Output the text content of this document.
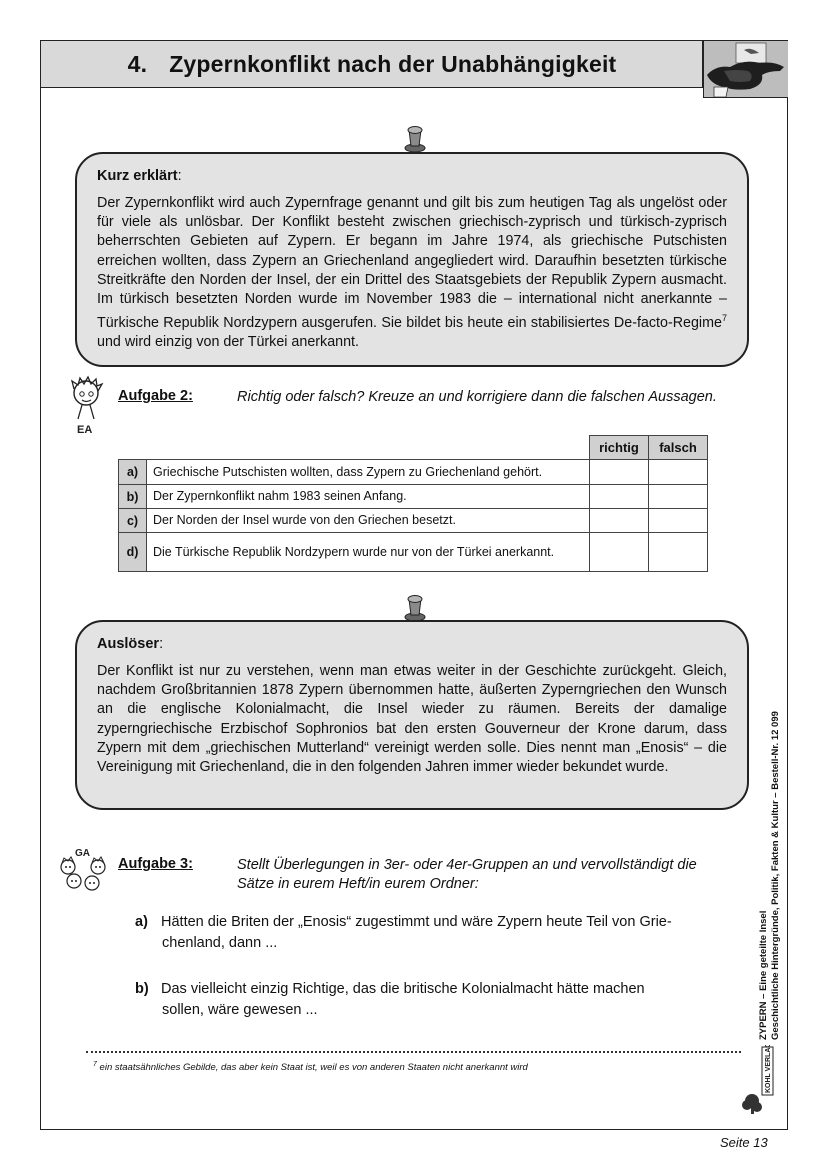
4. Zypernkonflikt nach der Unabhängigkeit
Kurz erklärt:

Der Zypernkonflikt wird auch Zypernfrage genannt und gilt bis zum heutigen Tag als ungelöst oder für viele als unlösbar. Der Konflikt besteht zwischen griechisch-zyprisch und türkisch-zyprisch beherrschten Gebieten auf Zypern. Er begann im Jahre 1974, als griechische Putschisten erreichen wollten, dass Zypern an Griechenland angegliedert wird. Daraufhin besetzten türkische Streitkräfte den Norden der Insel, der ein Drittel des Staatsgebiets der Republik Zypern ausmacht. Im türkisch besetzten Norden wurde im November 1983 die – international nicht anerkannte – Türkische Republik Nordzypern ausgerufen. Sie bildet bis heute ein stabilisiertes De-facto-Regime$^7$ und wird einzig von der Türkei anerkannt.

EA
Aufgabe 2:	Richtig oder falsch? Kreuze an und korrigiere dann die falschen Aussagen.
		richtig	falsch
a)	Griechische Putschisten wollten, dass Zypern zu Griechenland gehört.		
b)	Der Zypernkonflikt nahm 1983 seinen Anfang.		
c)	Der Norden der Insel wurde von den Griechen besetzt.		
d)	Die Türkische Republik Nordzypern wurde nur von der Türkei anerkannt.		
Auslöser:

Der Konflikt ist nur zu verstehen, wenn man etwas weiter in der Geschichte zurückgeht. Gleich, nachdem Großbritannien 1878 Zypern übernommen hatte, äußerten Zyperngriechen den Wunsch an die englische Kolonialmacht, die Insel wieder zu räumen. Bereits der damalige zyperngriechische Erzbischof Sophronios bat den ersten Gouverneur der Krone darum, dass Zypern mit dem „griechischen Mutterland“ vereinigt werden solle. Dies nennt man „Enosis“ – die Vereinigung mit Griechenland, die in den folgenden Jahren immer wieder bekundet wurde.

GA
Aufgabe 3:	Stellt Überlegungen in 3er- oder 4er-Gruppen an und vervollständigt die Sätze in eurem Heft/in eurem Ordner:
a) Hätten die Briten der „Enosis“ zugestimmt und wäre Zypern heute Teil von Grie-
chenland, dann ...
b) Das vielleicht einzig Richtige, das die britische Kolonialmacht hätte machen
sollen, wäre gewesen ...
$^7$ ein staatsähnliches Gebilde, das aber kein Staat ist, weil es von anderen Staaten nicht anerkannt wird
ZYPERN – Eine geteilte Insel Geschichtliche Hintergründe, Politik, Fakten & Kultur – Bestell-Nr. 12 099
KOHL VERLAG
Seite 13
